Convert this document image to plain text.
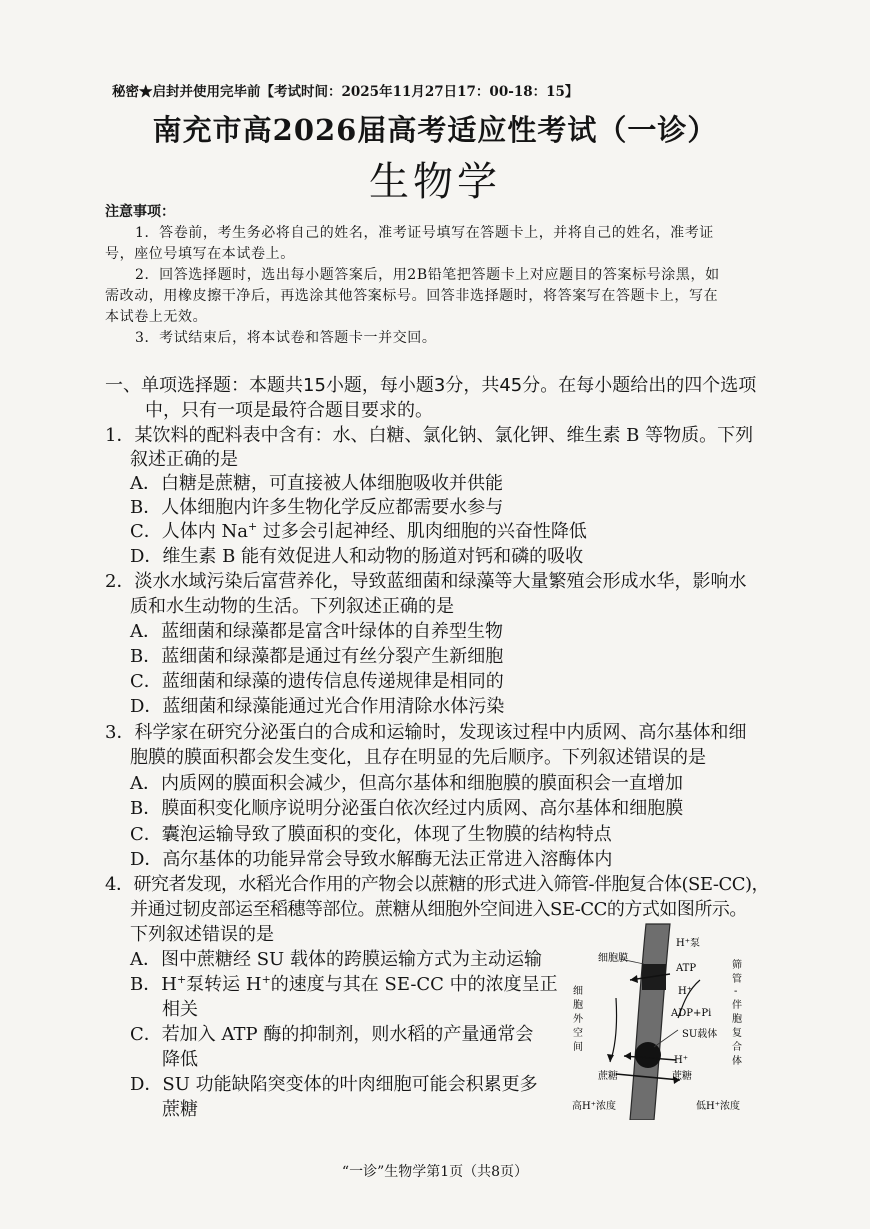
秘密★启封并使用完毕前【考试时间：2025年11月27日17：00-18：15】
南充市高2026届高考适应性考试（一诊）
生物学
注意事项：
1．答卷前，考生务必将自己的姓名，准考证号填写在答题卡上，并将自己的姓名，准考证
号，座位号填写在本试卷上。
2．回答选择题时，选出每小题答案后，用2B铅笔把答题卡上对应题目的答案标号涂黑，如
需改动，用橡皮擦干净后，再选涂其他答案标号。回答非选择题时，将答案写在答题卡上，写在
本试卷上无效。
3．考试结束后，将本试卷和答题卡一并交回。
一、单项选择题：本题共15小题，每小题3分，共45分。在每小题给出的四个选项
中，只有一项是最符合题目要求的。
1．某饮料的配料表中含有：水、白糖、氯化钠、氯化钾、维生素 B 等物质。下列
叙述正确的是
A．白糖是蔗糖，可直接被人体细胞吸收并供能
B．人体细胞内许多生物化学反应都需要水参与
C．人体内 Na+ 过多会引起神经、肌肉细胞的兴奋性降低
D．维生素 B 能有效促进人和动物的肠道对钙和磷的吸收
2．淡水水域污染后富营养化，导致蓝细菌和绿藻等大量繁殖会形成水华，影响水
质和水生动物的生活。下列叙述正确的是
A．蓝细菌和绿藻都是富含叶绿体的自养型生物
B．蓝细菌和绿藻都是通过有丝分裂产生新细胞
C．蓝细菌和绿藻的遗传信息传递规律是相同的
D．蓝细菌和绿藻能通过光合作用清除水体污染
3．科学家在研究分泌蛋白的合成和运输时，发现该过程中内质网、高尔基体和细
胞膜的膜面积都会发生变化，且存在明显的先后顺序。下列叙述错误的是
A．内质网的膜面积会减少，但高尔基体和细胞膜的膜面积会一直增加
B．膜面积变化顺序说明分泌蛋白依次经过内质网、高尔基体和细胞膜
C．囊泡运输导致了膜面积的变化，体现了生物膜的结构特点
D．高尔基体的功能异常会导致水解酶无法正常进入溶酶体内
4．研究者发现，水稻光合作用的产物会以蔗糖的形式进入筛管-伴胞复合体(SE-CC)，
并通过韧皮部运至稻穗等部位。蔗糖从细胞外空间进入SE-CC的方式如图所示。
下列叙述错误的是
A．图中蔗糖经 SU 载体的跨膜运输方式为主动运输
B．H+泵转运 H+的速度与其在 SE-CC 中的浓度呈正
相关
C．若加入 ATP 酶的抑制剂，则水稻的产量通常会
降低
D．SU 功能缺陷突变体的叶肉细胞可能会积累更多
蔗糖
细胞膜
H⁺泵
ATP
H⁺
ADP+Pi
SU载体
H⁺
蔗糖
蔗糖
细
胞
外
空
间
筛
管
-
伴
胞
复
合
体
高H⁺浓度	低H⁺浓度
“一诊”生物学第1页（共8页）
